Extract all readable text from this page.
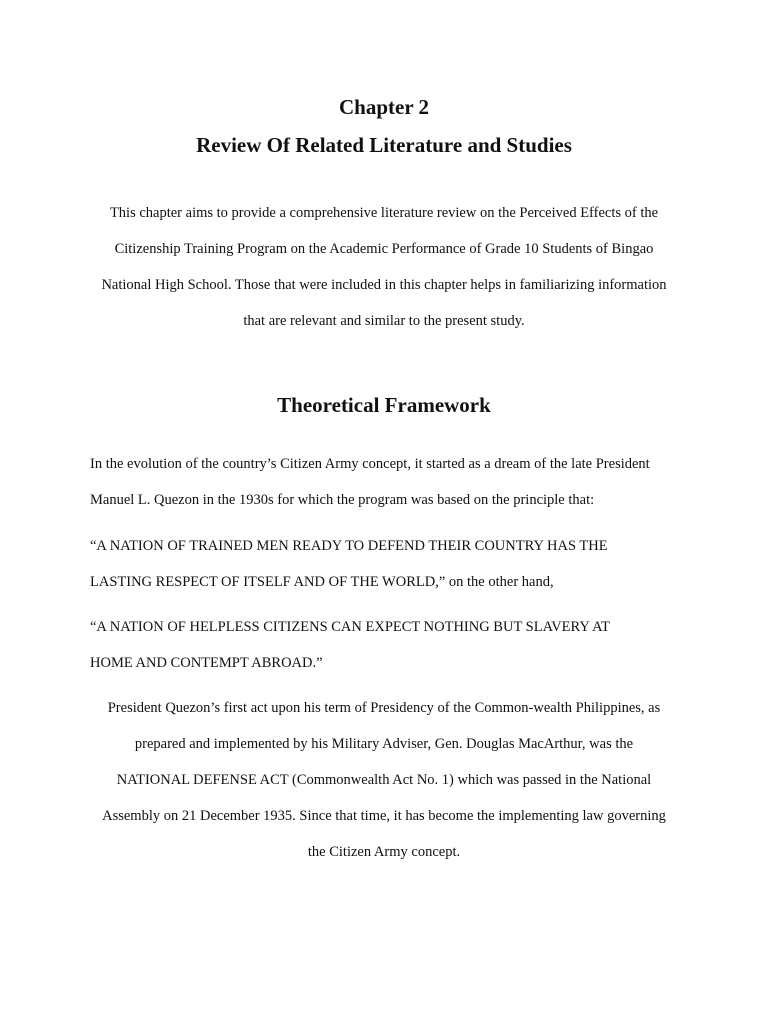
Chapter 2
Review Of Related Literature and Studies
This chapter aims to provide a comprehensive literature review on the Perceived Effects of the
Citizenship Training Program on the Academic Performance of Grade 10 Students of Bingao
National High School. Those that were included in this chapter helps in familiarizing information
that are relevant and similar to the present study.
Theoretical Framework
In the evolution of the country’s Citizen Army concept, it started as a dream of the late President
Manuel L. Quezon in the 1930s for which the program was based on the principle that:
“A NATION OF TRAINED MEN READY TO DEFEND THEIR COUNTRY HAS THE
LASTING RESPECT OF ITSELF AND OF THE WORLD,” on the other hand,
“A NATION OF HELPLESS CITIZENS CAN EXPECT NOTHING BUT SLAVERY AT
HOME AND CONTEMPT ABROAD.”
President Quezon’s first act upon his term of Presidency of the Common-wealth Philippines, as
prepared and implemented by his Military Adviser, Gen. Douglas MacArthur, was the
NATIONAL DEFENSE ACT (Commonwealth Act No. 1) which was passed in the National
Assembly on 21 December 1935. Since that time, it has become the implementing law governing
the Citizen Army concept.
